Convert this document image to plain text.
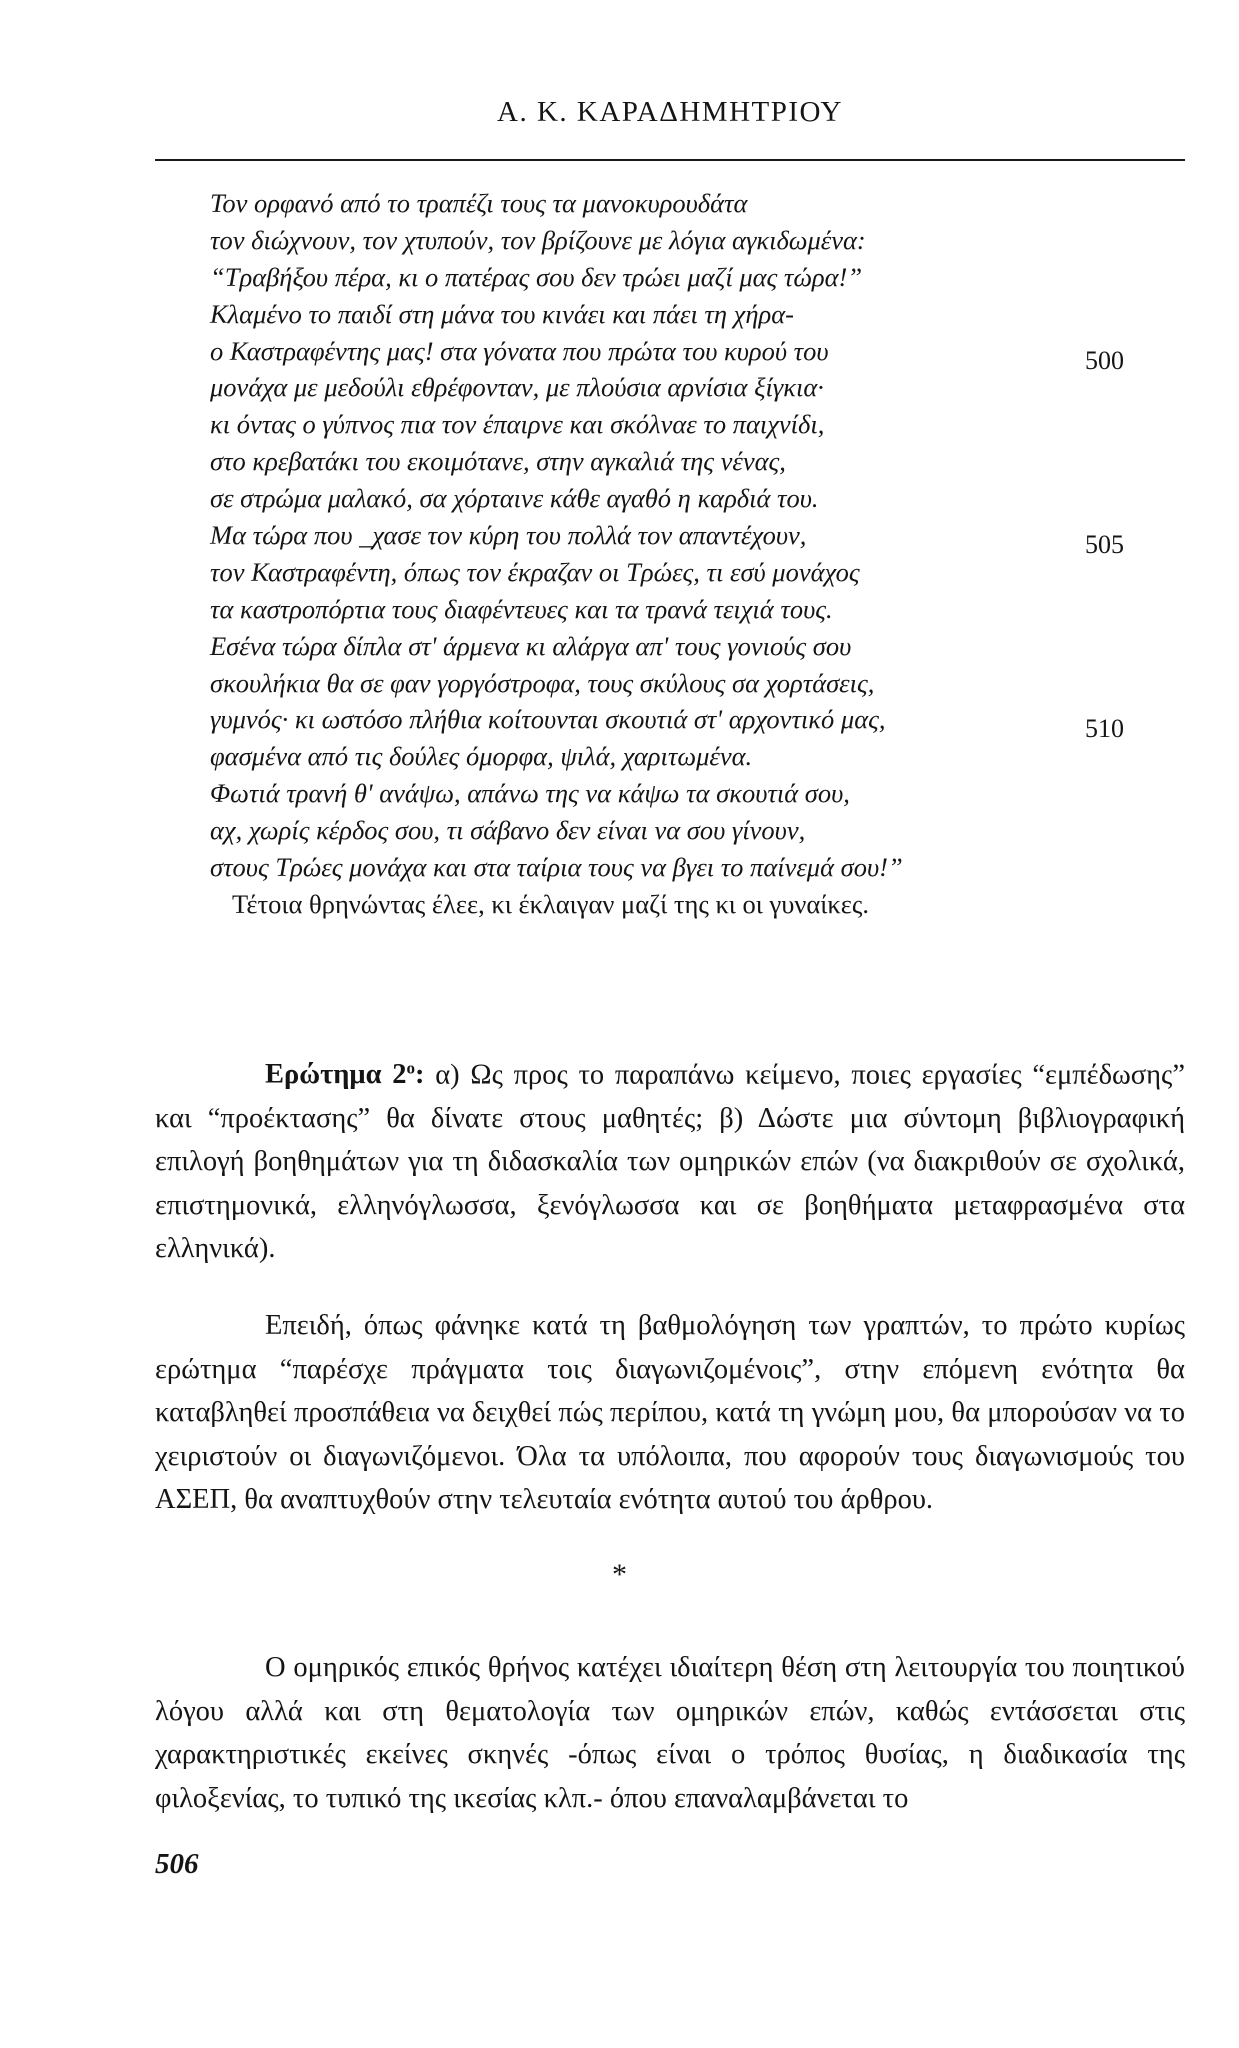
Α. Κ. ΚΑΡΑΔΗΜΗΤΡΙΟΥ
Τον ορφανό από το τραπέζι τους τα μανοκυρουδάτα
τον διώχνουν, τον χτυπούν, τον βρίζουνε με λόγια αγκιδωμένα:
“Τραβήξου πέρα, κι ο πατέρας σου δεν τρώει μαζί μας τώρα!”
Κλαμένο το παιδί στη μάνα του κινάει και πάει τη χήρα-
ο Καστραφέντης μας! στα γόνατα που πρώτα του κυρού του	500
μονάχα με μεδούλι εθρέφονταν, με πλούσια αρνίσια ξίγκια·
κι όντας ο γύπνος πια τον έπαιρνε και σκόλναε το παιχνίδι,
στο κρεβατάκι του εκοιμότανε, στην αγκαλιά της νένας,
σε στρώμα μαλακό, σα χόρταινε κάθε αγαθό η καρδιά του.
Μα τώρα που _χασε τον κύρη του πολλά τον απαντέχουν,	505
τον Καστραφέντη, όπως τον έκραζαν οι Τρώες, τι εσύ μονάχος
τα καστροπόρτια τους διαφέντευες και τα τρανά τειχιά τους.
Εσένα τώρα δίπλα στ' άρμενα κι αλάργα απ' τους γονιούς σου
σκουλήκια θα σε φαν γοργόστροφα, τους σκύλους σα χορτάσεις,
γυμνός· κι ωστόσο πλήθια κοίτουνται σκουτιά στ' αρχοντικό μας,	510
φασμένα από τις δούλες όμορφα, ψιλά, χαριτωμένα.
Φωτιά τρανή θ' ανάψω, απάνω της να κάψω τα σκουτιά σου,
αχ, χωρίς κέρδος σου, τι σάβανο δεν είναι να σου γίνουν,
στους Τρώες μονάχα και στα ταίρια τους να βγει το παίνεμά σου!”
Τέτοια θρηνώντας έλεε, κι έκλαιγαν μαζί της κι οι γυναίκες.

Ερώτημα $2^o$: α) Ως προς το παραπάνω κείμενο, ποιες εργασίες “εμπέδωσης” και “προέκτασης” θα δίνατε στους μαθητές; β) Δώστε μια σύντομη βιβλιογραφική επιλογή βοηθημάτων για τη διδασκαλία των ομηρικών επών (να διακριθούν σε σχολικά, επιστημονικά, ελληνόγλωσσα, ξενόγλωσσα και σε βοηθήματα μεταφρασμένα στα ελληνικά).

Επειδή, όπως φάνηκε κατά τη βαθμολόγηση των γραπτών, το πρώτο κυρίως ερώτημα “παρέσχε πράγματα τοις διαγωνιζομένοις”, στην επόμενη ενότητα θα καταβληθεί προσπάθεια να δειχθεί πώς περίπου, κατά τη γνώμη μου, θα μπορούσαν να το χειριστούν οι διαγωνιζόμενοι. Όλα τα υπόλοιπα, που αφορούν τους διαγωνισμούς του ΑΣΕΠ, θα αναπτυχθούν στην τελευταία ενότητα αυτού του άρθρου.

*

Ο ομηρικός επικός θρήνος κατέχει ιδιαίτερη θέση στη λειτουργία του ποιητικού λόγου αλλά και στη θεματολογία των ομηρικών επών, καθώς εντάσσεται στις χαρακτηριστικές εκείνες σκηνές -όπως είναι ο τρόπος θυσίας, η διαδικασία της φιλοξενίας, το τυπικό της ικεσίας κλπ.- όπου επαναλαμβάνεται το

506
